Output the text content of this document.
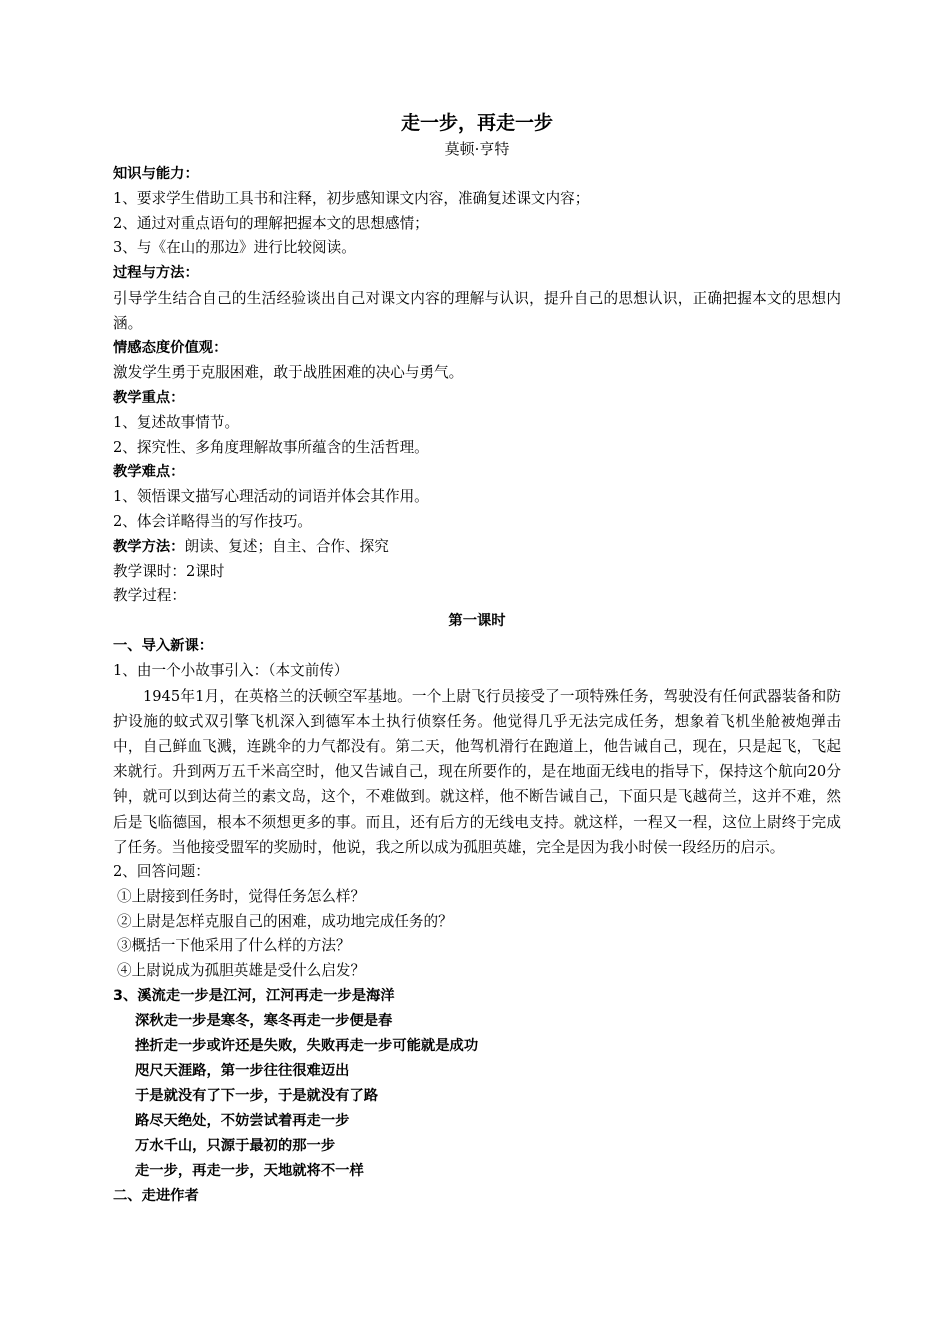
走一步，再走一步
莫顿·亨特
知识与能力：
1、要求学生借助工具书和注释，初步感知课文内容，准确复述课文内容；
2、通过对重点语句的理解把握本文的思想感情；
3、与《在山的那边》进行比较阅读。
过程与方法：
引导学生结合自己的生活经验谈出自己对课文内容的理解与认识，提升自己的思想认识，正确把握本文的思想内涵。
情感态度价值观：
激发学生勇于克服困难，敢于战胜困难的决心与勇气。
教学重点：
1、复述故事情节。
2、探究性、多角度理解故事所蕴含的生活哲理。
教学难点：
1、领悟课文描写心理活动的词语并体会其作用。
2、体会详略得当的写作技巧。
教学方法：朗读、复述；自主、合作、探究
教学课时：2课时
教学过程：
第一课时
一、导入新课：
1、由一个小故事引入：（本文前传）
1945年1月，在英格兰的沃顿空军基地。一个上尉飞行员接受了一项特殊任务，驾驶没有任何武器装备和防护设施的蚊式双引擎飞机深入到德军本土执行侦察任务。他觉得几乎无法完成任务，想象着飞机坐舱被炮弹击中，自己鲜血飞溅，连跳伞的力气都没有。第二天，他驾机滑行在跑道上，他告诫自己，现在，只是起飞，飞起来就行。升到两万五千米高空时，他又告诫自己，现在所要作的，是在地面无线电的指导下，保持这个航向20分钟，就可以到达荷兰的素文岛，这个，不难做到。就这样，他不断告诫自己，下面只是飞越荷兰，这并不难，然后是飞临德国，根本不须想更多的事。而且，还有后方的无线电支持。就这样，一程又一程，这位上尉终于完成了任务。当他接受盟军的奖励时，他说，我之所以成为孤胆英雄，完全是因为我小时侯一段经历的启示。
2、回答问题：
①上尉接到任务时，觉得任务怎么样？
②上尉是怎样克服自己的困难，成功地完成任务的？
③概括一下他采用了什么样的方法？
④上尉说成为孤胆英雄是受什么启发？
3、溪流走一步是江河，江河再走一步是海洋
深秋走一步是寒冬，寒冬再走一步便是春
挫折走一步或许还是失败，失败再走一步可能就是成功
咫尺天涯路，第一步往往很难迈出
于是就没有了下一步，于是就没有了路
路尽天绝处，不妨尝试着再走一步
万水千山，只源于最初的那一步
走一步，再走一步，天地就将不一样
二、走进作者
